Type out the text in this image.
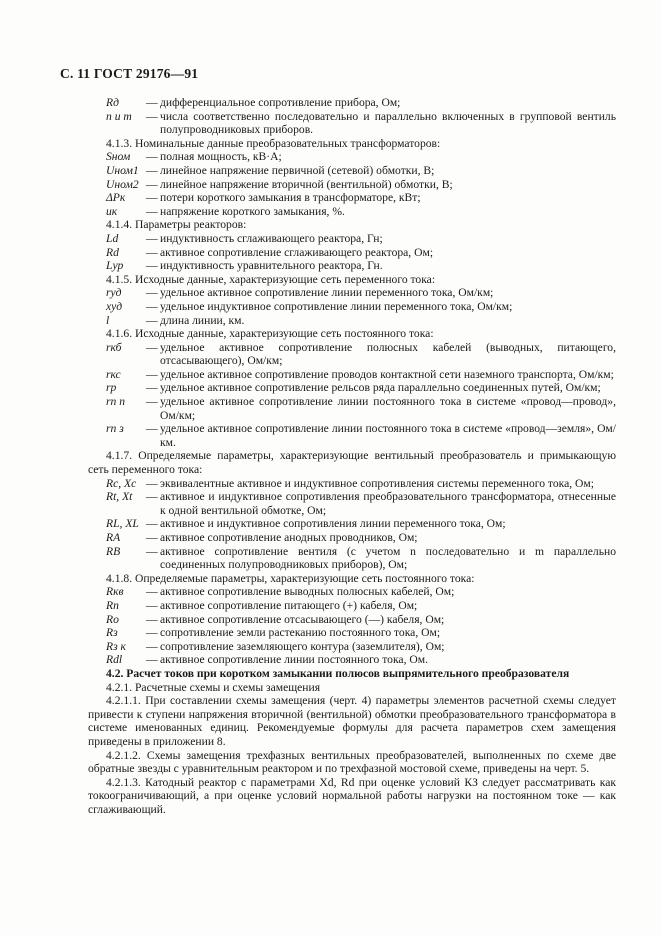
С. 11 ГОСТ 29176—91
Rд	— дифференциальное сопротивление прибора, Ом;
n и m	— числа соответственно последовательно и параллельно включенных в групповой вентиль полупроводниковых приборов.
4.1.3. Номинальные данные преобразовательных трансформаторов:
Sном	— полная мощность, кВ·А;
Uном1 — линейное напряжение первичной (сетевой) обмотки, В;
Uном2 — линейное напряжение вторичной (вентильной) обмотки, В;
ΔPк	— потери короткого замыкания в трансформаторе, кВт;
uк	— напряжение короткого замыкания, %.
4.1.4. Параметры реакторов:
Ld	— индуктивность сглаживающего реактора, Гн;
Rd	— активное сопротивление сглаживающего реактора, Ом;
Lур	— индуктивность уравнительного реактора, Гн.
4.1.5. Исходные данные, характеризующие сеть переменного тока:
rуд	— удельное активное сопротивление линии переменного тока, Ом/км;
xуд	— удельное индуктивное сопротивление линии переменного тока, Ом/км;
l	— длина линии, км.
4.1.6. Исходные данные, характеризующие сеть постоянного тока:
rкб	— удельное активное сопротивление полюсных кабелей (выводных, питающего, отсасывающего), Ом/км;
rкс	— удельное активное сопротивление проводов контактной сети наземного транспорта, Ом/км;
rр	— удельное активное сопротивление рельсов ряда параллельно соединенных путей, Ом/км;
rп п	— удельное активное сопротивление линии постоянного тока в системе «провод—провод», Ом/км;
rп з	— удельное активное сопротивление линии постоянного тока в системе «провод—земля», Ом/км.
4.1.7. Определяемые параметры, характеризующие вентильный преобразователь и примыкающую сеть переменного тока:
Rc, Xc — эквивалентные активное и индуктивное сопротивления системы переменного тока, Ом;
Rt, Xt	— активное и индуктивное сопротивления преобразовательного трансформатора, отнесенные к одной вентильной обмотке, Ом;
RL, XL — активное и индуктивное сопротивления линии переменного тока, Ом;
RA	— активное сопротивление анодных проводников, Ом;
RB	— активное сопротивление вентиля (с учетом n последовательно и m параллельно соединенных полупроводниковых приборов), Ом;
4.1.8. Определяемые параметры, характеризующие сеть постоянного тока:
Rкв	— активное сопротивление выводных полюсных кабелей, Ом;
Rп	— активное сопротивление питающего (+) кабеля, Ом;
Rо	— активное сопротивление отсасывающего (—) кабеля, Ом;
Rз	— сопротивление земли растеканию постоянного тока, Ом;
Rз к	— сопротивление заземляющего контура (заземлителя), Ом;
Rdl	— активное сопротивление линии постоянного тока, Ом.
4.2. Расчет токов при коротком замыкании полюсов выпрямительного преобразователя
4.2.1. Расчетные схемы и схемы замещения
4.2.1.1. При составлении схемы замещения (черт. 4) параметры элементов расчетной схемы следует привести к ступени напряжения вторичной (вентильной) обмотки преобразовательного трансформатора в системе именованных единиц. Рекомендуемые формулы для расчета параметров схем замещения приведены в приложении 8.
4.2.1.2. Схемы замещения трехфазных вентильных преобразователей, выполненных по схеме две обратные звезды с уравнительным реактором и по трехфазной мостовой схеме, приведены на черт. 5.
4.2.1.3. Катодный реактор с параметрами Xd, Rd при оценке условий КЗ следует рассматривать как токоограничивающий, а при оценке условий нормальной работы нагрузки на постоянном токе — как сглаживающий.
